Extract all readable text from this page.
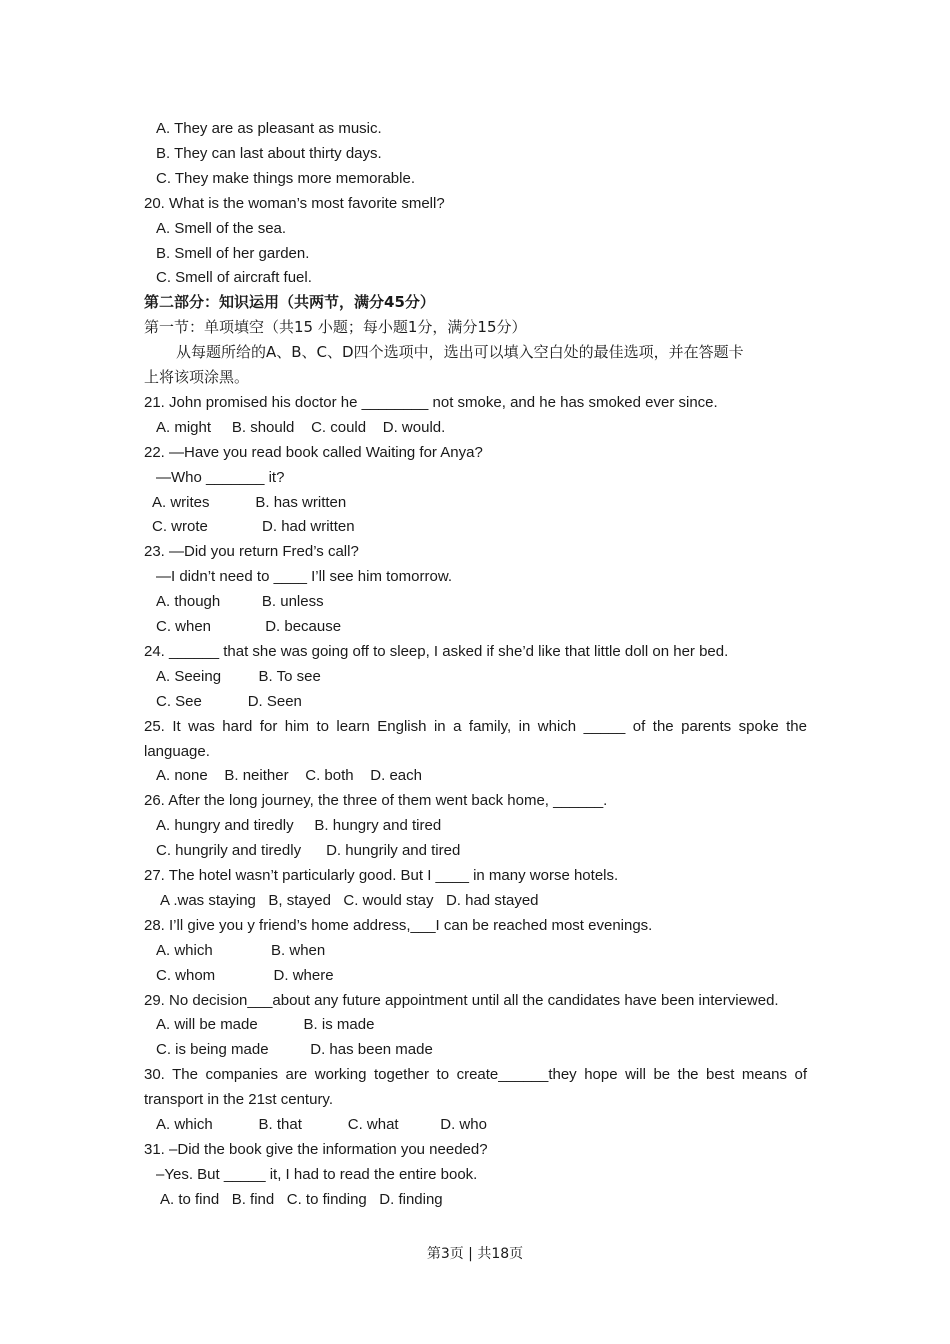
A. They are as pleasant as music.
B. They can last about thirty days.
C. They make things more memorable.
20. What is the woman’s most favorite smell?
A. Smell of the sea.
B. Smell of her garden.
C. Smell of aircraft fuel.
第二部分：知识运用（共两节，满分45分）
第一节：单项填空（共15 小题；每小题1分，满分15分）
从每题所给的A、B、C、D四个选项中，选出可以填入空白处的最佳选项，并在答题卡
上将该项涂黑。
21. John promised his doctor he ________ not smoke, and he has smoked ever since.
A. might     B. should    C. could    D. would.
22. —Have you read book called Waiting for Anya?
—Who _______ it?
A. writes           B. has written
C. wrote             D. had written
23. —Did you return Fred’s call?
—I didn’t need to ____ I’ll see him tomorrow.
A. though          B. unless
C. when             D. because
24. ______ that she was going off to sleep, I asked if she’d like that little doll on her bed.
A. Seeing         B. To see
C. See           D. Seen
25. It was hard for him to learn English in a family, in which _____ of the parents spoke the
language.
A. none    B. neither    C. both    D. each
26. After the long journey, the three of them went back home, ______.
A. hungry and tiredly     B. hungry and tired
C. hungrily and tiredly      D. hungrily and tired
27. The hotel wasn’t particularly good. But I ____ in many worse hotels.
A .was staying   B, stayed   C. would stay   D. had stayed
28. I’ll give you y friend’s home address,___I can be reached most evenings.
A. which              B. when
C. whom              D. where
29. No decision___about any future appointment until all the candidates have been interviewed.
A. will be made           B. is made
C. is being made          D. has been made
30. The companies are working together to create______they hope will be the best means of
transport in the 21st century.
A. which           B. that           C. what          D. who
31. –Did the book give the information you needed?
–Yes. But _____ it, I had to read the entire book.
A. to find   B. find   C. to finding   D. finding
第3页 | 共18页
